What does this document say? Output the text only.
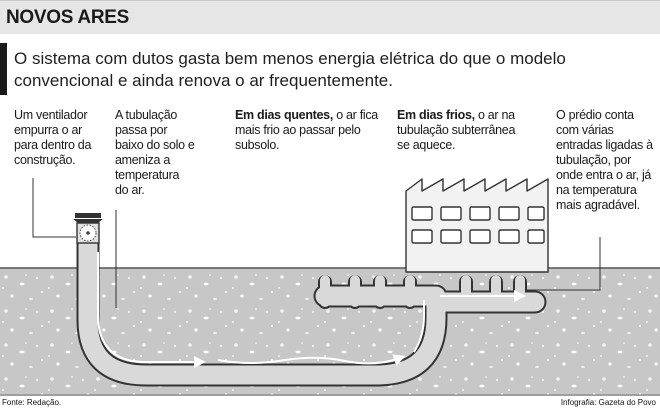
NOVOS ARES
O sistema com dutos gasta bem menos energia elétrica do que o modelo convencional e ainda renova o ar frequentemente.
Um ventilador empurra o ar para dentro da construção.
A tubulação passa por baixo do solo e ameniza a temperatura do ar.
Em dias quentes, o ar fica mais frio ao passar pelo subsolo.
Em dias frios, o ar na tubulação subterrânea se aquece.
O prédio conta com várias entradas ligadas à tubulação, por onde entra o ar, já na temperatura mais agradável.
Fonte: Redação.	Infografia: Gazeta do Povo
